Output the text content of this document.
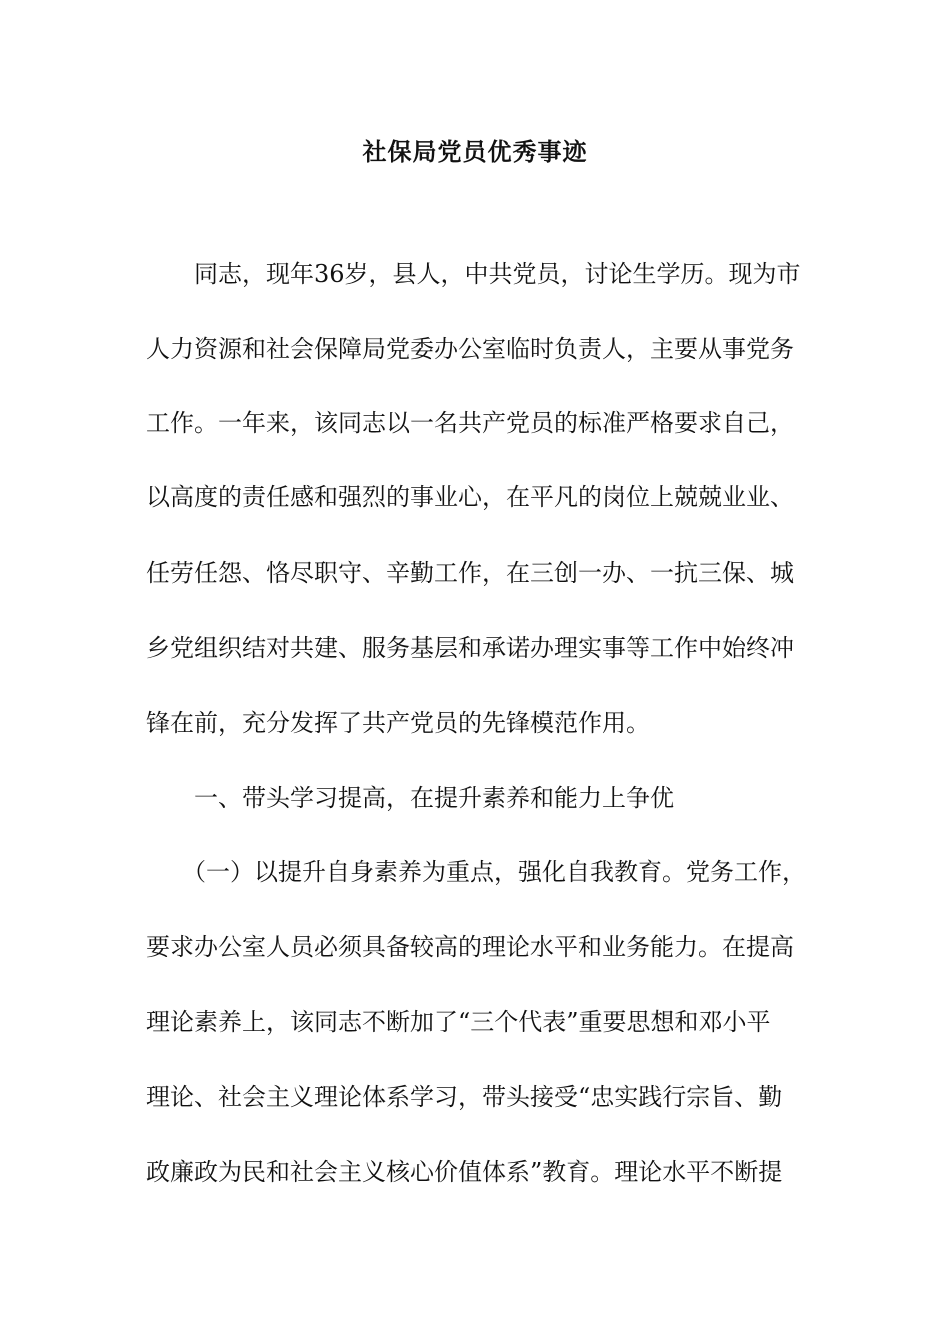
社保局党员优秀事迹

同志，现年36岁，县人，中共党员，讨论生学历。现为市

人力资源和社会保障局党委办公室临时负责人，主要从事党务

工作。一年来，该同志以一名共产党员的标准严格要求自己，

以高度的责任感和强烈的事业心，在平凡的岗位上兢兢业业、

任劳任怨、恪尽职守、辛勤工作，在三创一办、一抗三保、城

乡党组织结对共建、服务基层和承诺办理实事等工作中始终冲

锋在前，充分发挥了共产党员的先锋模范作用。

一、带头学习提高，在提升素养和能力上争优

（一）以提升自身素养为重点，强化自我教育。党务工作，

要求办公室人员必须具备较高的理论水平和业务能力。在提高

理论素养上，该同志不断加了“三个代表”重要思想和邓小平

理论、社会主义理论体系学习，带头接受“忠实践行宗旨、勤

政廉政为民和社会主义核心价值体系”教育。理论水平不断提
